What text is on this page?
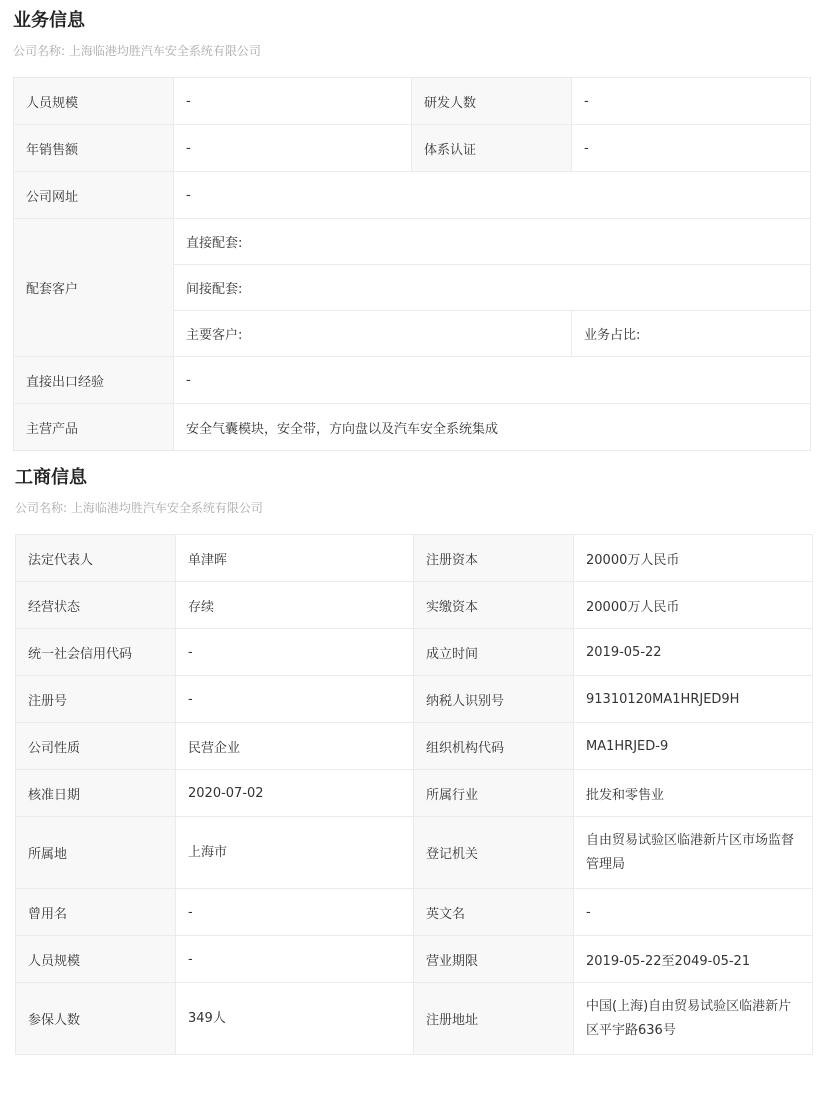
业务信息
公司名称: 上海临港均胜汽车安全系统有限公司
人员规模	-	研发人数	-
年销售额	-	体系认证	-
公司网址	-		
配套客户	直接配套:		
	间接配套:		
	主要客户:		业务占比:
直接出口经验	-		
主营产品	安全气囊模块，安全带，方向盘以及汽车安全系统集成		
工商信息
公司名称: 上海临港均胜汽车安全系统有限公司
法定代表人	单津晖	注册资本	20000万人民币
经营状态	存续	实缴资本	20000万人民币
统一社会信用代码	-	成立时间	2019-05-22
注册号	-	纳税人识别号	91310120MA1HRJED9H
公司性质	民营企业	组织机构代码	MA1HRJED-9
核准日期	2020-07-02	所属行业	批发和零售业
所属地	上海市	登记机关	自由贸易试验区临港新片区市场监督管理局
曾用名	-	英文名	-
人员规模	-	营业期限	2019-05-22至2049-05-21
参保人数	349人	注册地址	中国(上海)自由贸易试验区临港新片区平宇路636号
